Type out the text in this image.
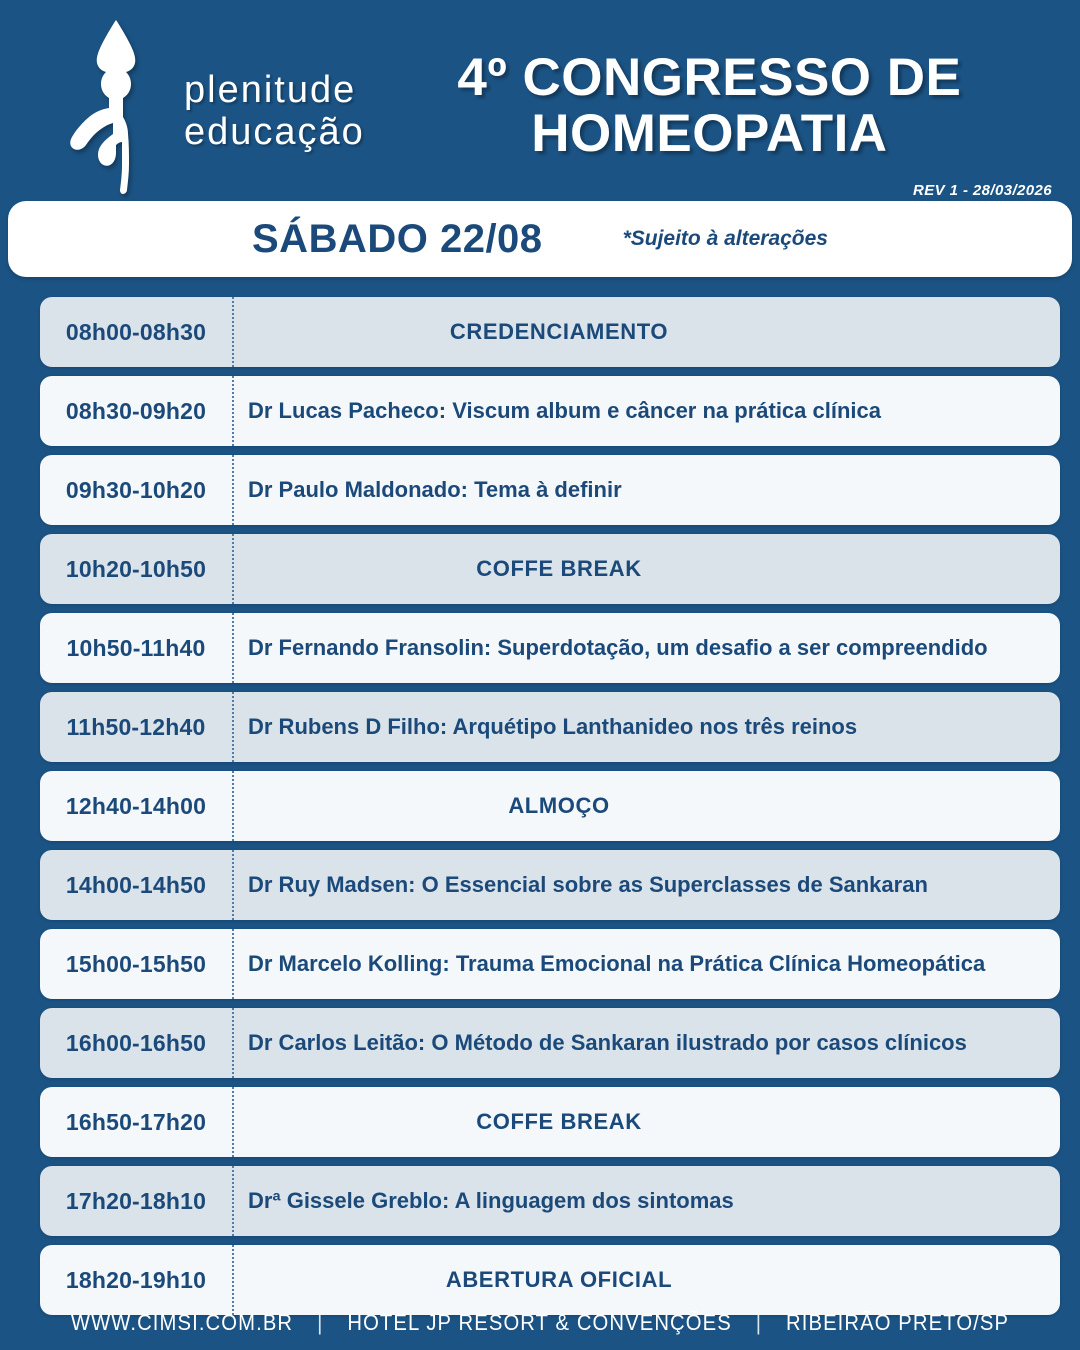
plenitude
educação
4º CONGRESSO DE
HOMEOPATIA
REV 1 - 28/03/2026
SÁBADO 22/08	*Sujeito à alterações
08h00-08h30	CREDENCIAMENTO
08h30-09h20	Dr Lucas Pacheco: Viscum album e câncer na prática clínica
09h30-10h20	Dr Paulo Maldonado: Tema à definir
10h20-10h50	COFFE BREAK
10h50-11h40	Dr Fernando Fransolin: Superdotação, um desafio a ser compreendido
11h50-12h40	Dr Rubens D Filho: Arquétipo Lanthanideo nos três reinos
12h40-14h00	ALMOÇO
14h00-14h50	Dr Ruy Madsen: O Essencial sobre as Superclasses de Sankaran
15h00-15h50	Dr Marcelo Kolling: Trauma Emocional na Prática Clínica Homeopática
16h00-16h50	Dr Carlos Leitão: O Método de Sankaran ilustrado por casos clínicos
16h50-17h20	COFFE BREAK
17h20-18h10	Drª Gissele Greblo: A linguagem dos sintomas
18h20-19h10	ABERTURA OFICIAL
WWW.CIMSI.COM.BR | HOTEL JP RESORT & CONVENÇÕES | RIBEIRÃO PRETO/SP
